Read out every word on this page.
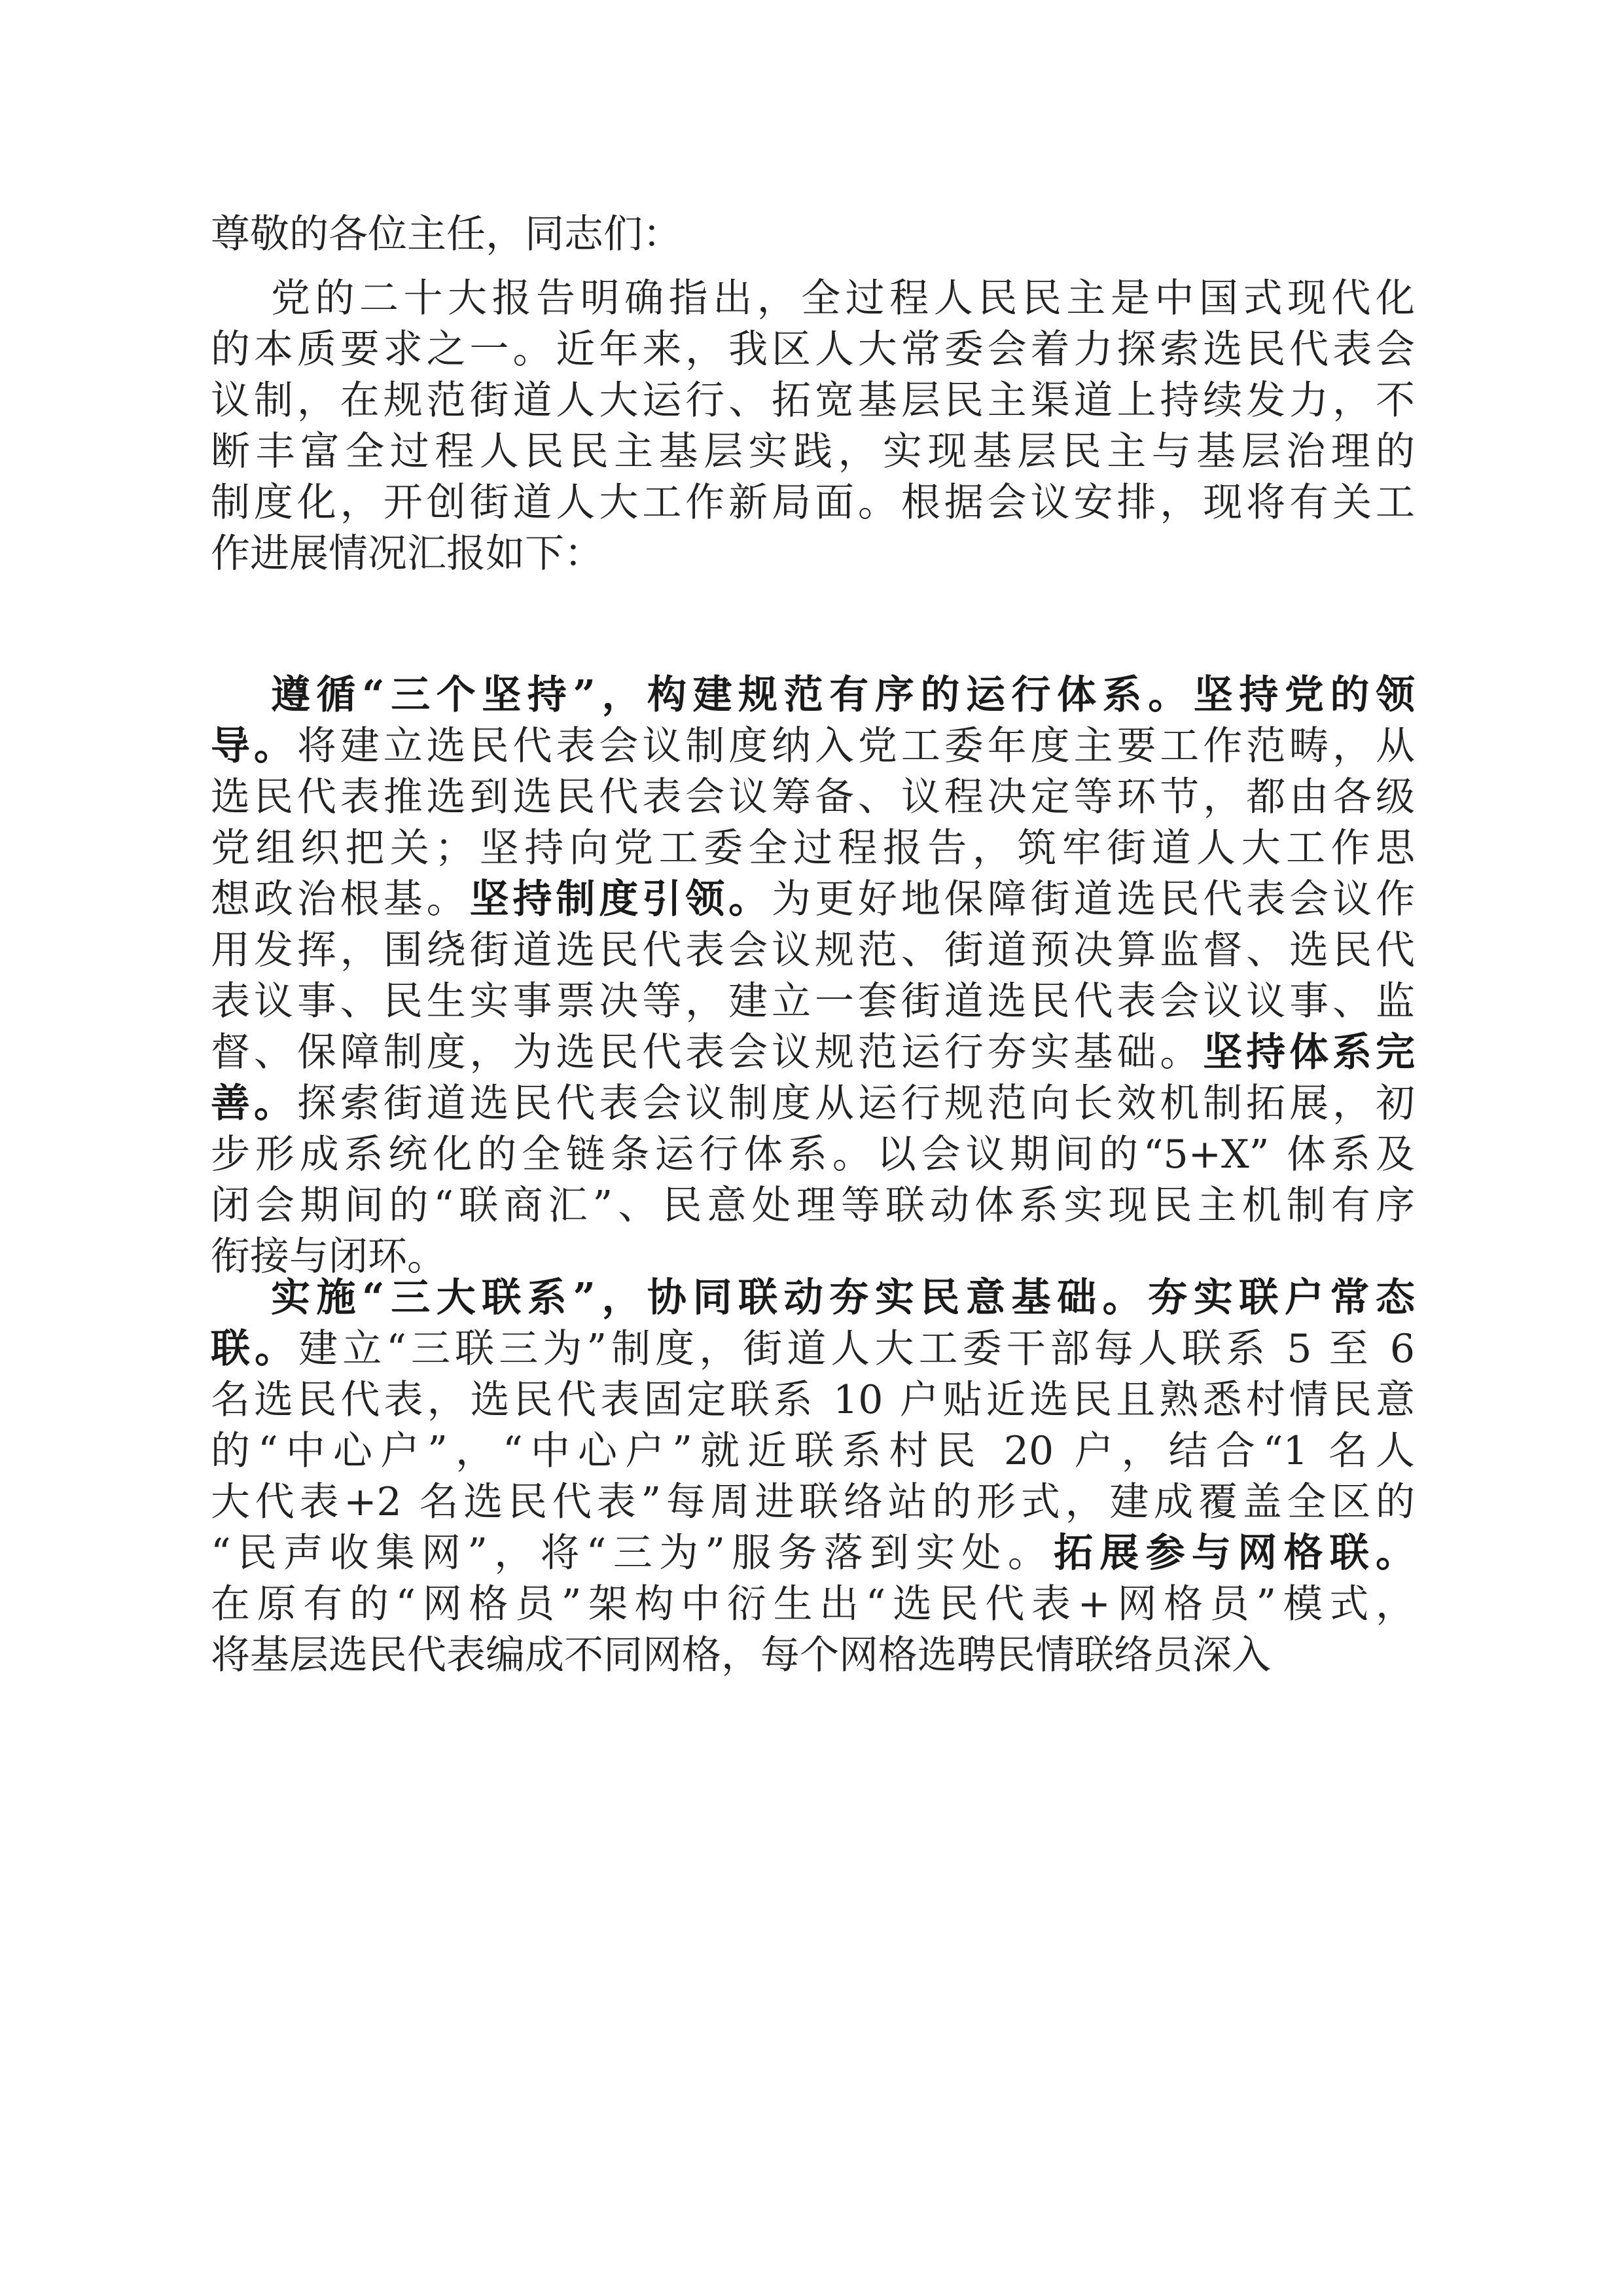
尊敬的各位主任，同志们：
党的二十大报告明确指出，全过程人民民主是中国式现代化
的本质要求之一。近年来，我区人大常委会着力探索选民代表会
议制，在规范街道人大运行、拓宽基层民主渠道上持续发力，不
断丰富全过程人民民主基层实践，实现基层民主与基层治理的
制度化，开创街道人大工作新局面。根据会议安排，现将有关工
作进展情况汇报如下：
遵循“三个坚持”，构建规范有序的运行体系。坚持党的领
导。将建立选民代表会议制度纳入党工委年度主要工作范畴，从
选民代表推选到选民代表会议筹备、议程决定等环节，都由各级
党组织把关；坚持向党工委全过程报告，筑牢街道人大工作思
想政治根基。坚持制度引领。为更好地保障街道选民代表会议作
用发挥，围绕街道选民代表会议规范、街道预决算监督、选民代
表议事、民生实事票决等，建立一套街道选民代表会议议事、监
督、保障制度，为选民代表会议规范运行夯实基础。坚持体系完
善。探索街道选民代表会议制度从运行规范向长效机制拓展，初
步形成系统化的全链条运行体系。以会议期间的“5+X” 体系及
闭会期间的“联商汇”、民意处理等联动体系实现民主机制有序
衔接与闭环。
实施“三大联系”，协同联动夯实民意基础。夯实联户常态
联。建立“三联三为”制度，街道人大工委干部每人联系 5 至 6
名选民代表，选民代表固定联系 10 户贴近选民且熟悉村情民意
的“中心户”，“中心户”就近联系村民 20 户，结合“1 名人
大代表+2 名选民代表”每周进联络站的形式，建成覆盖全区的
“民声收集网”，将“三为”服务落到实处。拓展参与网格联。
在原有的“网格员”架构中衍生出“选民代表+网格员”模式，
将基层选民代表编成不同网格，每个网格选聘民情联络员深入
